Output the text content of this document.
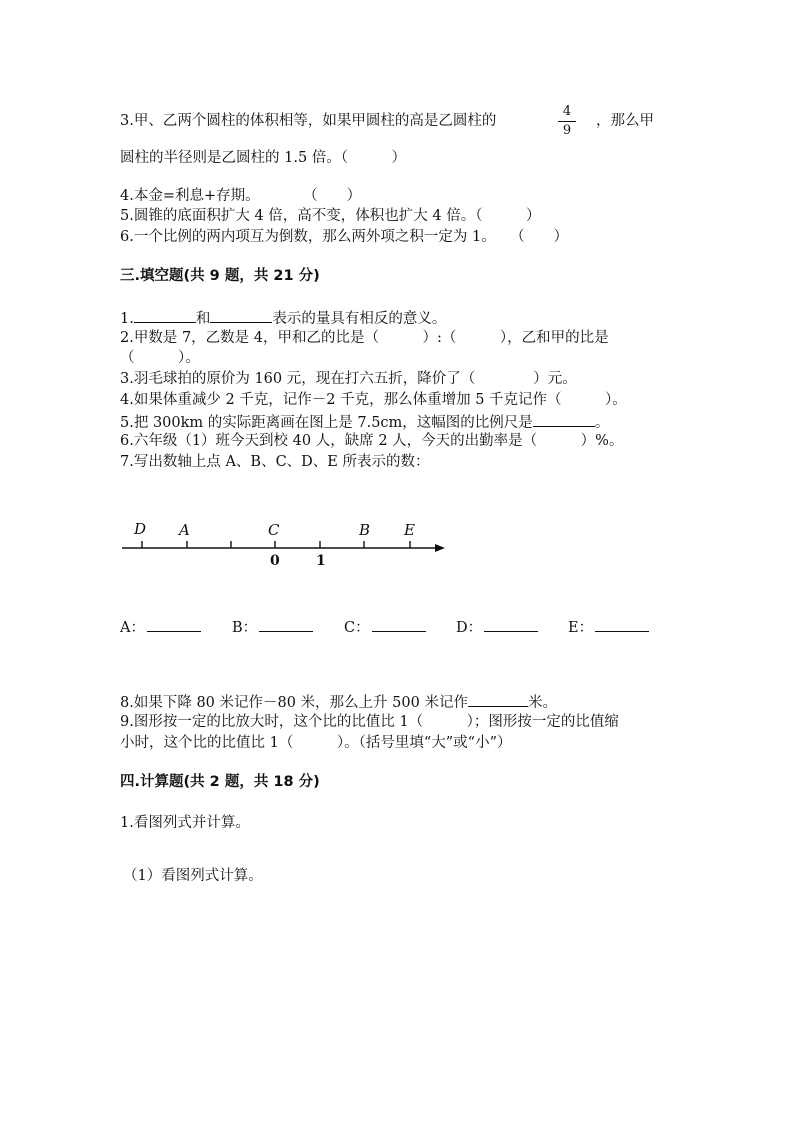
3.甲、乙两个圆柱的体积相等，如果甲圆柱的高是乙圆柱的
4
9
，那么甲
圆柱的半径则是乙圆柱的 1.5 倍。（　　　）
4.本金=利息+存期。　　　　（　　）
5.圆锥的底面积扩大 4 倍，高不变，体积也扩大 4 倍。（　　　）
6.一个比例的两内项互为倒数，那么两外项之积一定为 1。　　（　　）
三.填空题(共 9 题，共 21 分)
1.	和	表示的量具有相反的意义。
2.甲数是 7，乙数是 4，甲和乙的比是（　　　）:（　　　），乙和甲的比是
（　　　）。
3.羽毛球拍的原价为 160 元，现在打六五折，降价了（　　　　）元。
4.如果体重减少 2 千克，记作－2 千克，那么体重增加 5 千克记作（　　　）。
5.把 300km 的实际距离画在图上是 7.5cm，这幅图的比例尺是	。
6.六年级（1）班今天到校 40 人，缺席 2 人，今天的出勤率是（　　　）%。
7.写出数轴上点 A、B、C、D、E 所表示的数：
D A	C	B E
0	1
A：	B：	C：	D：	E：
8.如果下降 80 米记作－80 米，那么上升 500 米记作	米。
9.图形按一定的比放大时，这个比的比值比 1（　　　）；图形按一定的比值缩
小时，这个比的比值比 1（　　　）。（括号里填“大”或“小”）
四.计算题(共 2 题，共 18 分)
1.看图列式并计算。
（1）看图列式计算。
